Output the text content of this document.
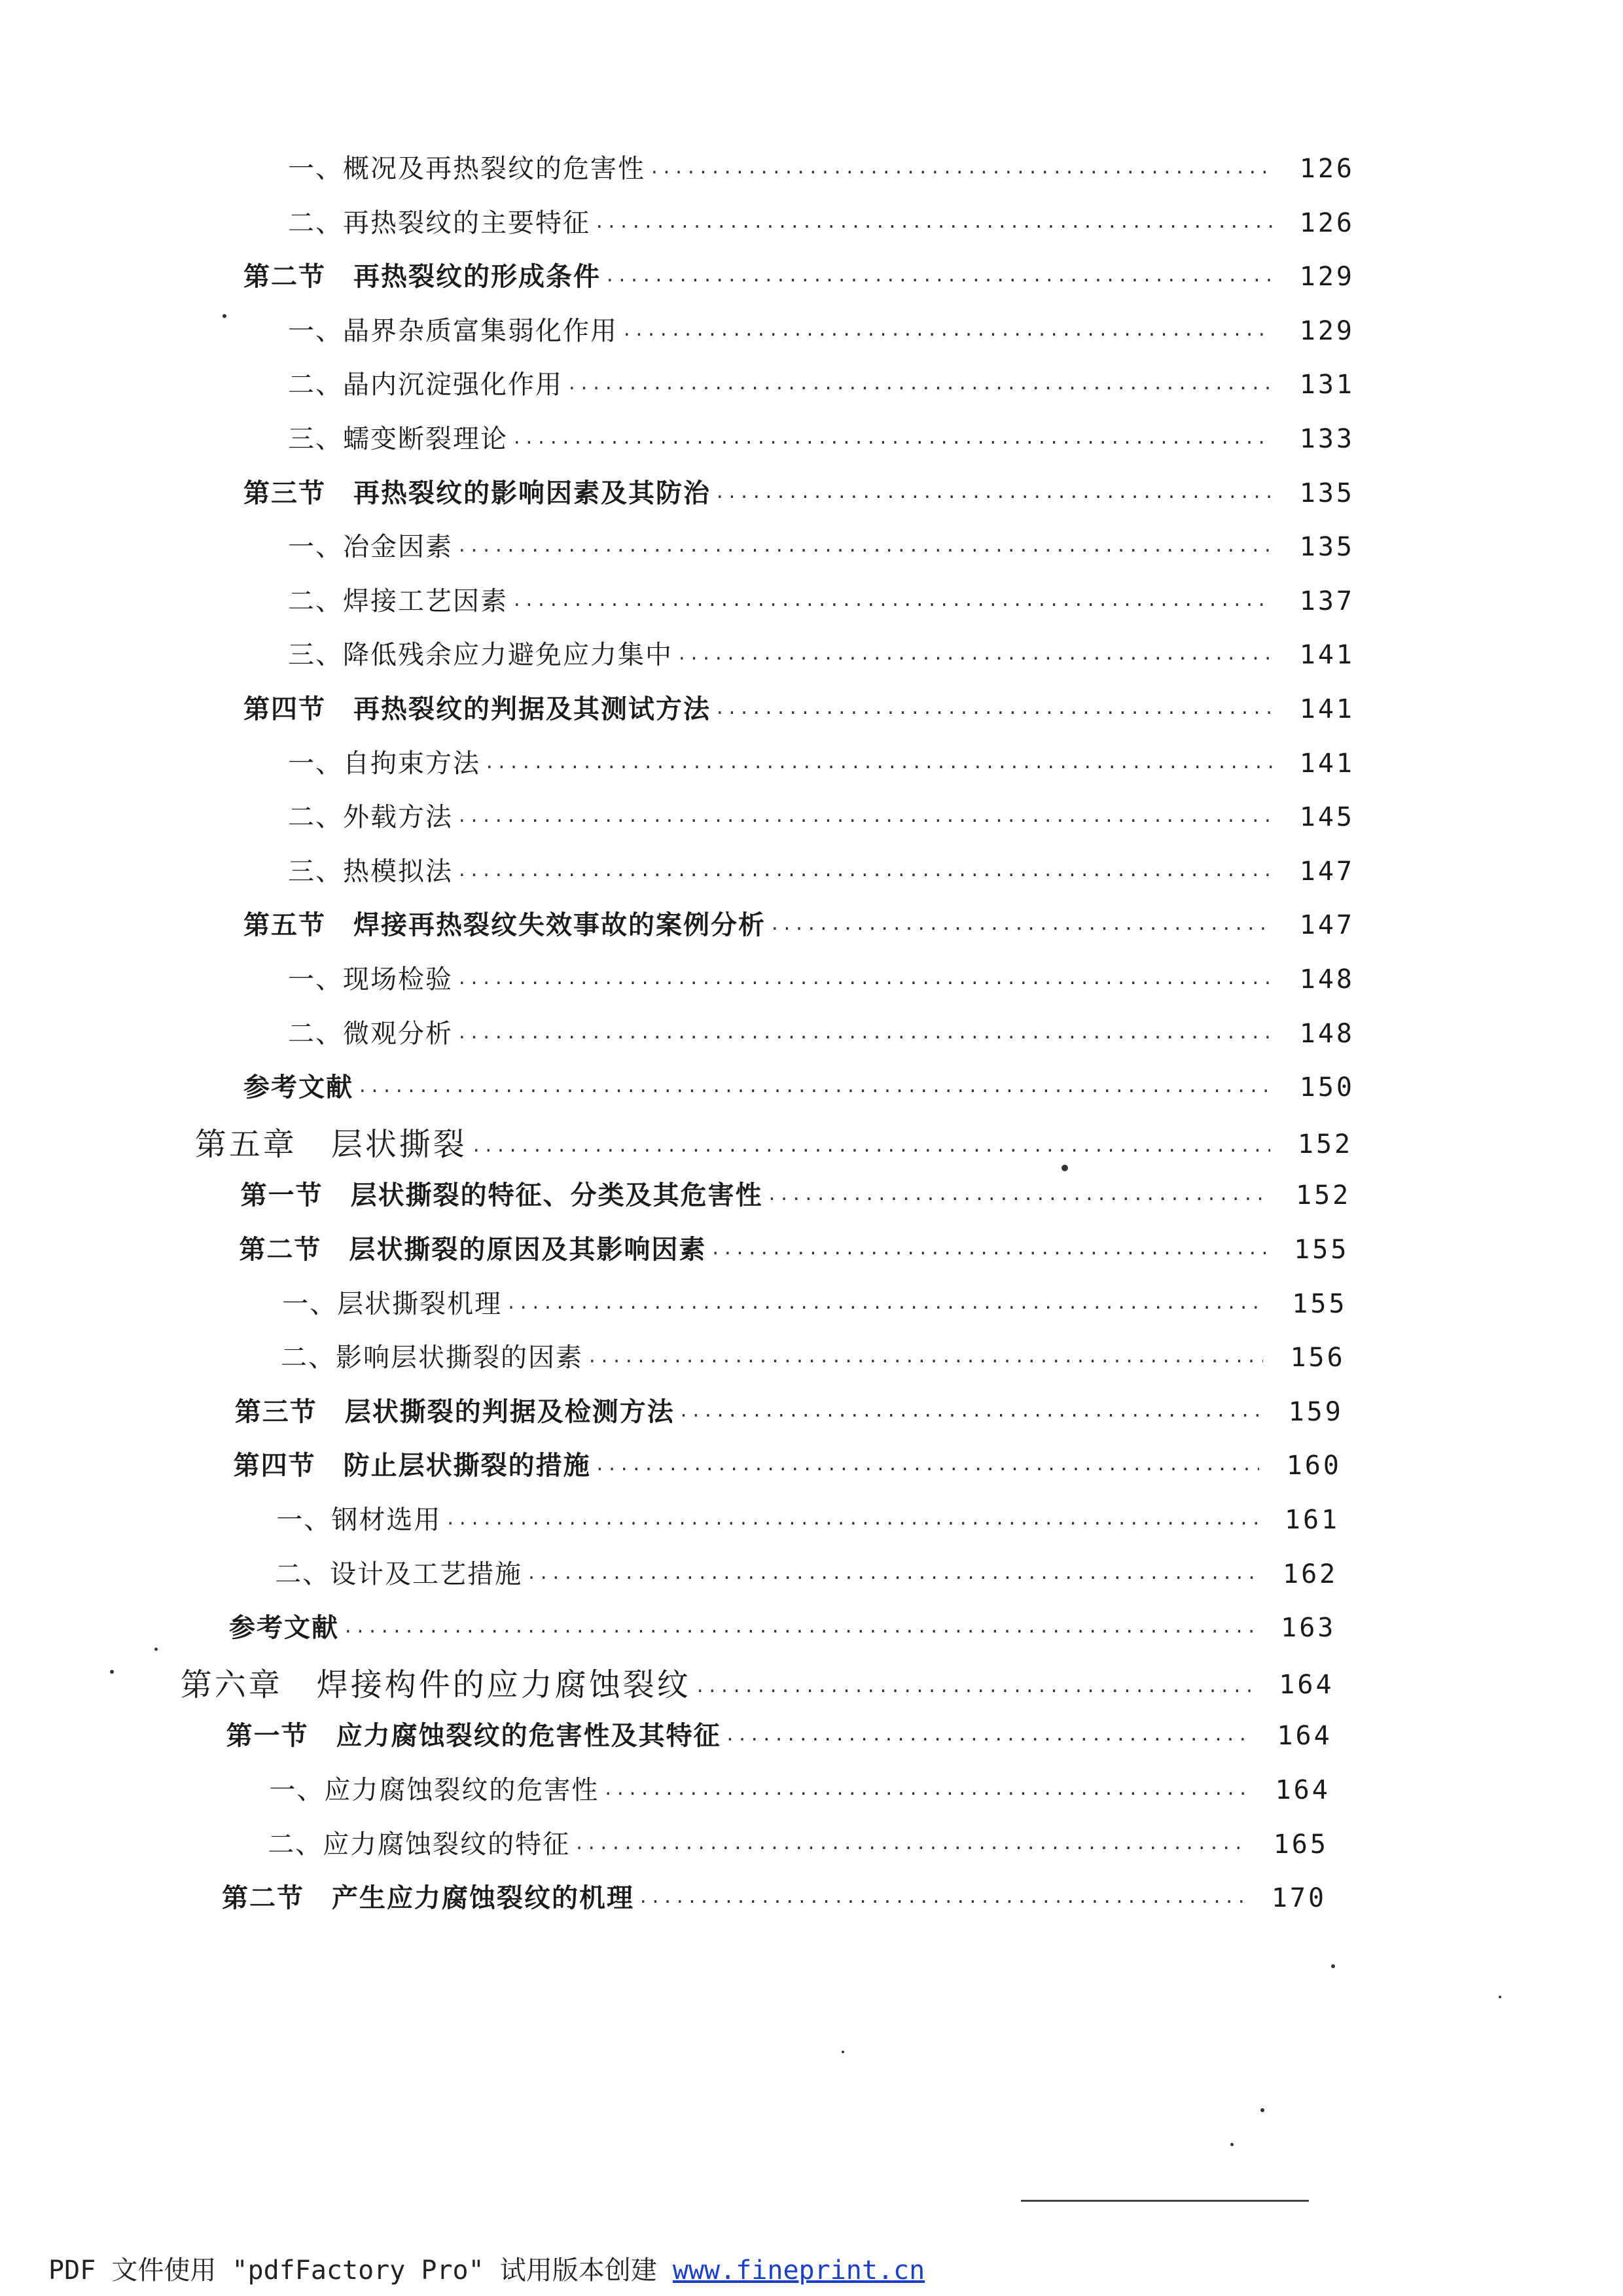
一、概况及再热裂纹的危害性 ·····	126
二、再热裂纹的主要特征 ·····	126
第二节　再热裂纹的形成条件 ·····	129
一、晶界杂质富集弱化作用 ·····	129
二、晶内沉淀强化作用 ·····	131
三、蠕变断裂理论 ·····	133
第三节　再热裂纹的影响因素及其防治 ·····	135
一、冶金因素 ·····	135
二、焊接工艺因素 ·····	137
三、降低残余应力避免应力集中 ·····	141
第四节　再热裂纹的判据及其测试方法 ·····	141
一、自拘束方法 ·····	141
二、外载方法 ·····	145
三、热模拟法 ·····	147
第五节　焊接再热裂纹失效事故的案例分析 ·····	147
一、现场检验 ·····	148
二、微观分析 ·····	148
参考文献 ·····	150
第五章　层状撕裂 ·····	152
第一节　层状撕裂的特征、分类及其危害性 ·····	152
第二节　层状撕裂的原因及其影响因素 ·····	155
一、层状撕裂机理 ·····	155
二、影响层状撕裂的因素 ·····	156
第三节　层状撕裂的判据及检测方法 ·····	159
第四节　防止层状撕裂的措施 ·····	160
一、钢材选用 ·····	161
二、设计及工艺措施 ·····	162
参考文献 ·····	163
第六章　焊接构件的应力腐蚀裂纹 ·····	164
第一节　应力腐蚀裂纹的危害性及其特征 ·····	164
一、应力腐蚀裂纹的危害性 ·····	164
二、应力腐蚀裂纹的特征 ·····	165
第二节　产生应力腐蚀裂纹的机理 ·····	170
PDF 文件使用 "pdfFactory Pro" 试用版本创建 www.fineprint.cn
